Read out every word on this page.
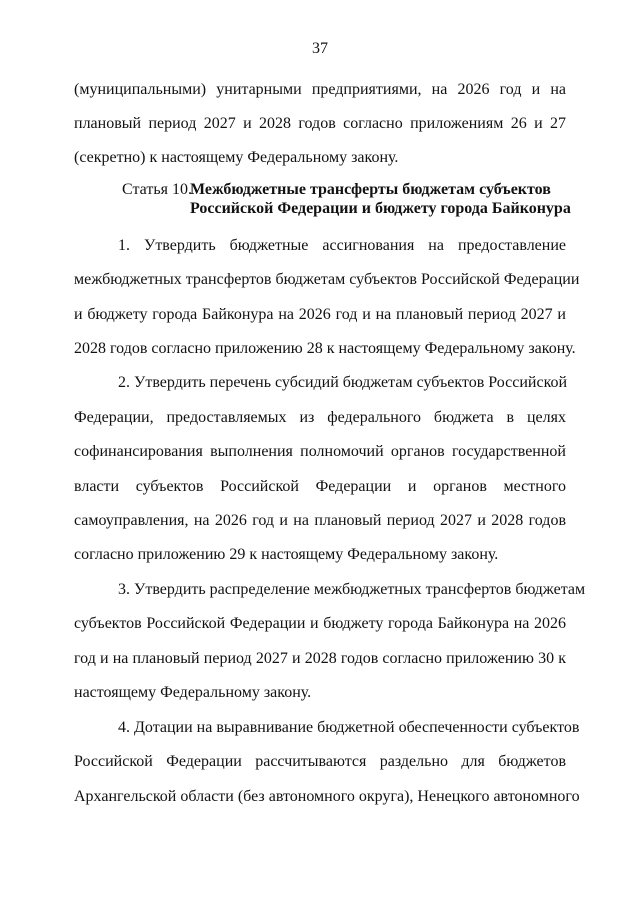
37
(муниципальными) унитарными предприятиями, на 2026 год и на
плановый период 2027 и 2028 годов согласно приложениям 26 и 27
(секретно) к настоящему Федеральному закону.
Статья 10.
Межбюджетные трансферты бюджетам субъектов
Российской Федерации и бюджету города Байконура
1. Утвердить бюджетные ассигнования на предоставление
межбюджетных трансфертов бюджетам субъектов Российской Федерации
и бюджету города Байконура на 2026 год и на плановый период 2027 и
2028 годов согласно приложению 28 к настоящему Федеральному закону.
2. Утвердить перечень субсидий бюджетам субъектов Российской
Федерации, предоставляемых из федерального бюджета в целях
софинансирования выполнения полномочий органов государственной
власти субъектов Российской Федерации и органов местного
самоуправления, на 2026 год и на плановый период 2027 и 2028 годов
согласно приложению 29 к настоящему Федеральному закону.
3. Утвердить распределение межбюджетных трансфертов бюджетам
субъектов Российской Федерации и бюджету города Байконура на 2026
год и на плановый период 2027 и 2028 годов согласно приложению 30 к
настоящему Федеральному закону.
4. Дотации на выравнивание бюджетной обеспеченности субъектов
Российской Федерации рассчитываются раздельно для бюджетов
Архангельской области (без автономного округа), Ненецкого автономного
